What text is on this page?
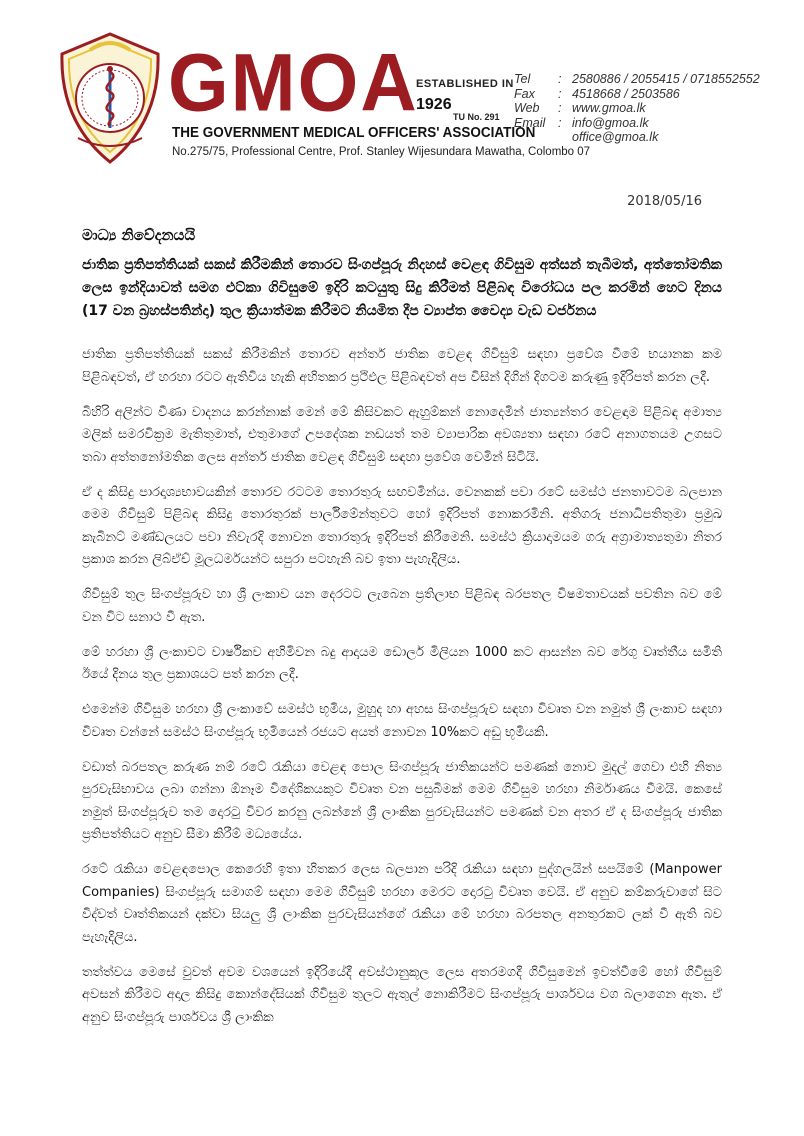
GMOA
ESTABLISHED IN
1926
TU No. 291
THE GOVERNMENT MEDICAL OFFICERS' ASSOCIATION
No.275/75, Professional Centre, Prof. Stanley Wijesundara Mawatha, Colombo 07
Tel	: 2580886 / 2055415 / 0718552552
Fax	: 4518668 / 2503586
Web	: www.gmoa.lk
Email	: info@gmoa.lk
office@gmoa.lk
2018/05/16
මාධ්‍ය නිවේදනයයි
ජාතික ප්‍රතිපත්තියක් සකස් කිරීමකින් තොරව සිංගප්පූරු නිදහස් වෙළඳ ගිවිසුම අත්සන් තැබීමත්, අත්තෝමතික ලෙස ඉන්දියාවත් සමග එට්කා ගිවිසුමේ ඉදිරි කටයුතු සිදු කිරීමත් පිළිබඳ විරෝධය පල කරමින් හෙට දිනය (17 වන බ්‍රහස්පතින්දා) තුල ක්‍රියාත්මක කිරීමට නියමිත දීප ව්‍යාප්ත වෛද්‍ය වැඩ වර්ජනය

ජාතික ප්‍රතිපත්තියක් සකස් කිරීමකින් තොරව අන්තර් ජාතික වෙළඳ ගිවිසුම් සඳහා ප්‍රවේශ වීමේ භයානක කම පිළිබඳවත්, ඒ හරහා රටට ඇතිවිය හැකි අහිතකර ප්‍රථිඵල පිළිබඳවත් අප විසින් දිගින් දිගටම කරුණු ඉදිරිපත් කරන ලදී.

බිහිරි අලින්ට වීණා වාදනය කරන්නාක් මෙන් මේ කිසිවකට ඇහුම්කන් නොදෙමින් ජාත්‍යන්තර වෙළඳාම පිළිබඳ අමාත්‍ය මලික් සමරවික්‍රම මැතිතුමාත්, එතුමාගේ උපදේශක නඩයත් තම ව්‍යාපාරික අවශ්‍යතා සඳහා රටේ අනාගතයම උගසට තබා අත්තනෝමතික ලෙස අන්තර් ජාතික වෙළඳ ගිවිසුම් සඳහා ප්‍රවේශ වෙමින් සිටියි.

ඒ ද කිසිදු පාරදෘශ්‍යභාවයකින් තොරව රටටම තොරතුරු සඟවමින්ය. වෙනකක් පවා රටේ සමස්ථ ජනතාවටම බලපාන මෙම ගිවිසුම් පිළිබඳ කිසිදු තොරතුරක් පාර්ලිමේන්තුවට හෝ ඉදිරිපත් නොකරමිනි. අතිගරු ජනාධිපතිතුමා ප්‍රමුඛ කැබිනට් මණ්ඩලයට පවා නිවැරදි නොවන තොරතුරු ඉදිරිපත් කිරීමෙනි. සමස්ථ ක්‍රියාදාමයම ගරු අග්‍රාමාත්‍යතුමා නිතර ප්‍රකාශ කරන ලිබ්ඒච් මූලධර්මයන්ට සපුරා පටහැනි බව ඉතා පැහැදිලිය.

ගිවිසුම් තුල සිංගප්පූරුව හා ශ්‍රී ලංකාව යන දෙරටට ලැබෙන ප්‍රතිලාභ පිළිබඳ බරපතල විෂමතාවයක් පවතින බව මේ වන විට සනාථ වී ඇත.

මේ හරහා ශ්‍රී ලංකාවට වාර්ෂිකව අහිමිවන බදු ආදායම ඩොලර් මිලියන 1000 කට ආසන්න බව රේගු වෘත්තීය සමිති ඊයේ දිනය තුල ප්‍රකාශයට පත් කරන ලදී.

එමෙන්ම ගිවිසුම හරහා ශ්‍රී ලංකාවේ සමස්ථ භූමිය, මුහුද හා අහස සිංගප්පූරුව සඳහා විවෘත වන නමුත් ශ්‍රී ලංකාව සඳහා විවෘත වන්නේ සමස්ථ සිංගප්පූරු භූමියෙන් රජයට අයත් නොවන 10%කට අඩු භූමියකි.

වඩාත් බරපතල කරුණ නම් රටේ රැකියා වෙළඳ පොල සිංගප්පූරු ජාතිකයන්ට පමණක් නොව මුදල් ගෙවා එහි නිත්‍ය පුරවැසිභාවය ලබා ගන්නා ඕනෑම විදේශිකයකුට විවෘත වන පසුබිමක් මෙම ගිවිසුම හරහා නිර්මාණය වීමයි. කෙසේ නමුත් සිංගප්පූරුව තම දොරටු විවර කරනු ලබන්නේ ශ්‍රී ලාංකික පුරවැසියන්ට පමණක් වන අතර ඒ ද සිංගප්පූරු ජාතික ප්‍රතිපත්තියට අනුව සීමා කිරීම් මධ්‍යයේය.

රටේ රැකියා වෙළඳපොල කෙරෙහි ඉතා හිතකර ලෙස බලපාන පරිදි රැකියා සඳහා පුද්ගලයින් සපයිමේ (Manpower Companies) සිංගප්පූරු සමාගම් සඳහා මෙම ගිවිසුම් හරහා මෙරට දොරටු විවෘත වෙයි. ඒ අනුව කම්කරුවාගේ සිට විද්වත් වෘත්තිකයන් දක්වා සියලු ශ්‍රී ලාංකික පුරවැසියන්ගේ රැකියා මේ හරහා බරපතල අනතුරකට ලක් වී ඇති බව පැහැදිලිය.

තත්ත්වය මෙසේ වුවත් අවම වශයෙන් ඉදිරියේදී අවස්ථානුකූල ලෙස අතරමගදී ගිවිසුමෙන් ඉවත්වීමේ හෝ ගිවිසුම් අවසන් කිරීමට අදාල කිසිදු කොන්දේසියක් ගිවිසුම තුලට ඇතුල් නොකිරීමට සිංගප්පූරු පාර්ශවය වග බලාගෙන ඇත. ඒ අනුව සිංගප්පූරු පාර්ශවය ශ්‍රී ලාංකික
